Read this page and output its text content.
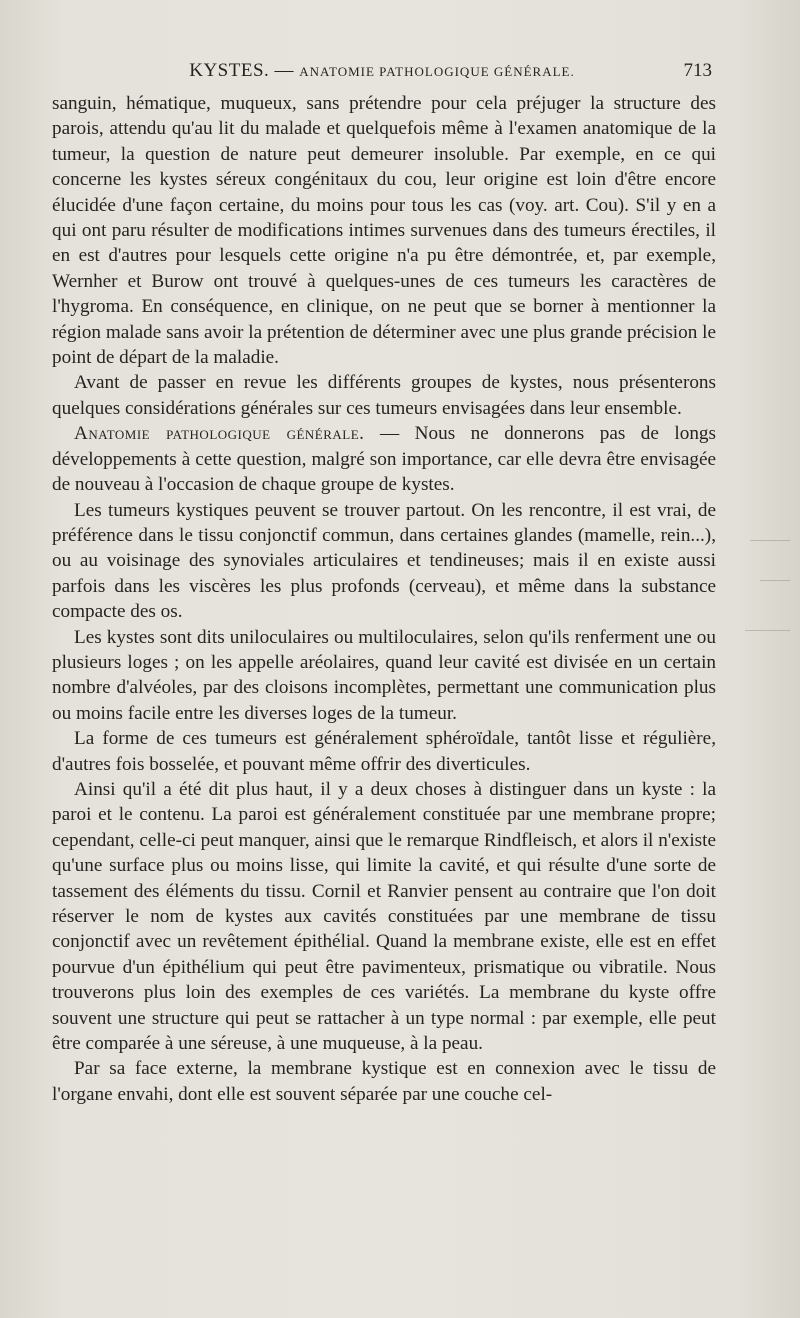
KYSTES. — ANATOMIE PATHOLOGIQUE GÉNÉRALE.	713

sanguin, hématique, muqueux, sans prétendre pour cela préjuger la structure des parois, attendu qu'au lit du malade et quelquefois même à l'examen anatomique de la tumeur, la question de nature peut demeurer insoluble. Par exemple, en ce qui concerne les kystes séreux congénitaux du cou, leur origine est loin d'être encore élucidée d'une façon certaine, du moins pour tous les cas (voy. art. Cou). S'il y en a qui ont paru résulter de modifications intimes survenues dans des tumeurs érectiles, il en est d'autres pour lesquels cette origine n'a pu être démontrée, et, par exemple, Wernher et Burow ont trouvé à quelques-unes de ces tumeurs les caractères de l'hygroma. En conséquence, en clinique, on ne peut que se borner à mentionner la région malade sans avoir la prétention de déterminer avec une plus grande précision le point de départ de la maladie.

Avant de passer en revue les différents groupes de kystes, nous présenterons quelques considérations générales sur ces tumeurs envisagées dans leur ensemble.

Anatomie pathologique générale. — Nous ne donnerons pas de longs développements à cette question, malgré son importance, car elle devra être envisagée de nouveau à l'occasion de chaque groupe de kystes.

Les tumeurs kystiques peuvent se trouver partout. On les rencontre, il est vrai, de préférence dans le tissu conjonctif commun, dans certaines glandes (mamelle, rein...), ou au voisinage des synoviales articulaires et tendineuses; mais il en existe aussi parfois dans les viscères les plus profonds (cerveau), et même dans la substance compacte des os.

Les kystes sont dits uniloculaires ou multiloculaires, selon qu'ils renferment une ou plusieurs loges ; on les appelle aréolaires, quand leur cavité est divisée en un certain nombre d'alvéoles, par des cloisons incomplètes, permettant une communication plus ou moins facile entre les diverses loges de la tumeur.

La forme de ces tumeurs est généralement sphéroïdale, tantôt lisse et régulière, d'autres fois bosselée, et pouvant même offrir des diverticules.

Ainsi qu'il a été dit plus haut, il y a deux choses à distinguer dans un kyste : la paroi et le contenu. La paroi est généralement constituée par une membrane propre; cependant, celle-ci peut manquer, ainsi que le remarque Rindfleisch, et alors il n'existe qu'une surface plus ou moins lisse, qui limite la cavité, et qui résulte d'une sorte de tassement des éléments du tissu. Cornil et Ranvier pensent au contraire que l'on doit réserver le nom de kystes aux cavités constituées par une membrane de tissu conjonctif avec un revêtement épithélial. Quand la membrane existe, elle est en effet pourvue d'un épithélium qui peut être pavimenteux, prismatique ou vibratile. Nous trouverons plus loin des exemples de ces variétés. La membrane du kyste offre souvent une structure qui peut se rattacher à un type normal : par exemple, elle peut être comparée à une séreuse, à une muqueuse, à la peau.

Par sa face externe, la membrane kystique est en connexion avec le tissu de l'organe envahi, dont elle est souvent séparée par une couche cel-
